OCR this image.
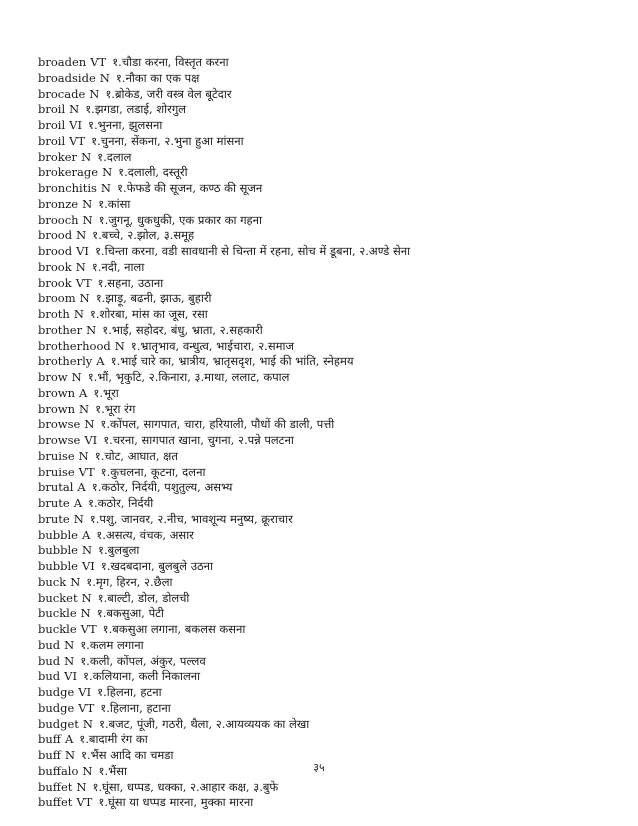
broaden VT १.चौडा करना, विस्तृत करना
broadside N १.नौका का एक पक्ष
brocade N १.ब्रोकेड, जरी वस्त्र वेल बूटेदार
broil N १.झगडा, लडाई, शोरगुल
broil VI १.भुनना, झुलसना
broil VT १.चुनना, सेंकना, २.भुना हुआ मांसना
broker N १.दलाल
brokerage N १.दलाली, दस्तूरी
bronchitis N १.फेफडे की सूजन, कण्ठ की सूजन
bronze N १.कांसा
brooch N १.जुगनू, धुकधुकी, एक प्रकार का गहना
brood N १.बच्चे, २.झोल, ३.समूह
brood VI १.चिन्ता करना, वडी सावधानी से चिन्ता में रहना, सोच में डूबना, २.अण्डे सेना
brook N १.नदी, नाला
brook VT १.सहना, उठाना
broom N १.झाड़ू, बढनी, झाऊ, बुहारी
broth N १.शोरबा, मांस का जूस, रसा
brother N १.भाई, सहोदर, बंधु, भ्राता, २.सहकारी
brotherhood N १.भ्रातृभाव, वन्धुत्व, भाईचारा, २.समाज
brotherly A १.भाई चारे का, भ्रात्रीय, भ्रातृसदृश, भाई की भांति, स्नेहमय
brow N १.भौं, भृकुटि, २.किनारा, ३.माथा, ललाट, कपाल
brown A १.भूरा
brown N १.भूरा रंग
browse N १.कोंपल, सागपात, चारा, हरियाली, पौधों की डाली, पत्ती
browse VI १.चरना, सागपात खाना, चुगना, २.पन्ने पलटना
bruise N १.चोट, आघात, क्षत
bruise VT १.कुचलना, कूटना, दलना
brutal A १.कठोर, निर्दयी, पशुतुल्य, असभ्य
brute A १.कठोर, निर्दयी
brute N १.पशु, जानवर, २.नीच, भावशून्य मनुष्य, क्रूराचार
bubble A १.असत्य, वंचक, असार
bubble N १.बुलबुला
bubble VI १.खदबदाना, बुलबुले उठना
buck N १.मृग, हिरन, २.छैला
bucket N १.बाल्टी, डोल, डोलची
buckle N १.बकसुआ, पेटी
buckle VT १.बकसुआ लगाना, बकलस कसना
bud N १.कलम लगाना
bud N १.कली, कोंपल, अंकुर, पल्लव
bud VI १.कलियाना, कली निकालना
budge VI १.हिलना, हटना
budge VT १.हिलाना, हटाना
budget N १.बजट, पूंजी, गठरी, थैला, २.आयव्ययक का लेखा
buff A १.बादामी रंग का
buff N १.भैंस आदि का चमडा
buffalo N १.भैंसा
buffet N १.घूंसा, धप्पड, धक्का, २.आहार कक्ष, ३.बुफे
buffet VT १.घूंसा या धप्पड मारना, मुक्का मारना
३५
